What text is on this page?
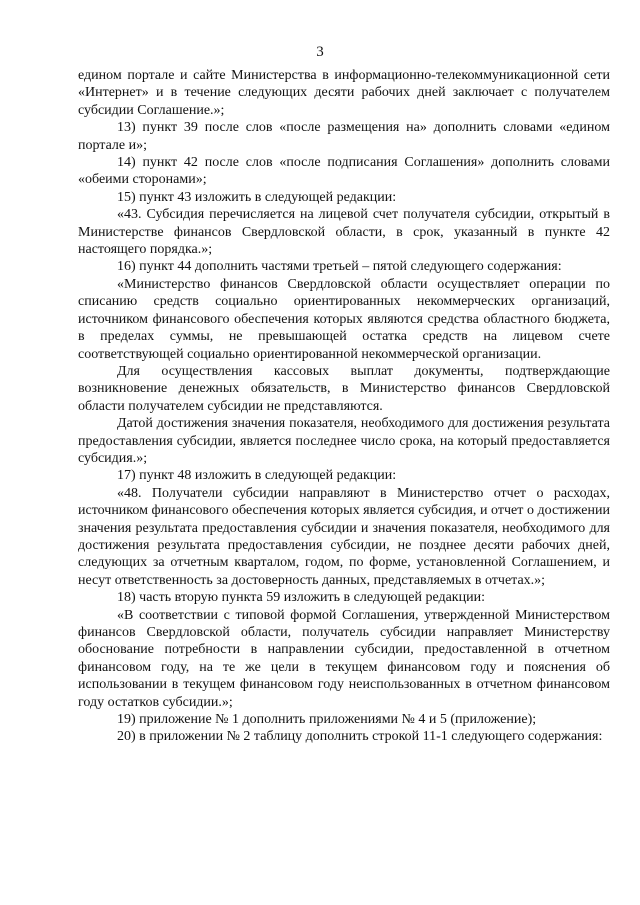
3

едином портале и сайте Министерства в информационно-телекоммуникационной сети «Интернет» и в течение следующих десяти рабочих дней заключает с получателем субсидии Соглашение.»;

13) пункт 39 после слов «после размещения на» дополнить словами «едином портале и»;

14) пункт 42 после слов «после подписания Соглашения» дополнить словами «обеими сторонами»;

15) пункт 43 изложить в следующей редакции:

«43. Субсидия перечисляется на лицевой счет получателя субсидии, открытый в Министерстве финансов Свердловской области, в срок, указанный в пункте 42 настоящего порядка.»;

16) пункт 44 дополнить частями третьей – пятой следующего содержания:

«Министерство финансов Свердловской области осуществляет операции по списанию средств социально ориентированных некоммерческих организаций, источником финансового обеспечения которых являются средства областного бюджета, в пределах суммы, не превышающей остатка средств на лицевом счете соответствующей социально ориентированной некоммерческой организации.

Для осуществления кассовых выплат документы, подтверждающие возникновение денежных обязательств, в Министерство финансов Свердловской области получателем субсидии не представляются.

Датой достижения значения показателя, необходимого для достижения результата предоставления субсидии, является последнее число срока, на который предоставляется субсидия.»;

17) пункт 48 изложить в следующей редакции:

«48. Получатели субсидии направляют в Министерство отчет о расходах, источником финансового обеспечения которых является субсидия, и отчет о достижении значения результата предоставления субсидии и значения показателя, необходимого для достижения результата предоставления субсидии, не позднее десяти рабочих дней, следующих за отчетным кварталом, годом, по форме, установленной Соглашением, и несут ответственность за достоверность данных, представляемых в отчетах.»;

18) часть вторую пункта 59 изложить в следующей редакции:

«В соответствии с типовой формой Соглашения, утвержденной Министерством финансов Свердловской области, получатель субсидии направляет Министерству обоснование потребности в направлении субсидии, предоставленной в отчетном финансовом году, на те же цели в текущем финансовом году и пояснения об использовании в текущем финансовом году неиспользованных в отчетном финансовом году остатков субсидии.»;

19) приложение № 1 дополнить приложениями № 4 и 5 (приложение);

20) в приложении № 2 таблицу дополнить строкой 11-1 следующего содержания:
